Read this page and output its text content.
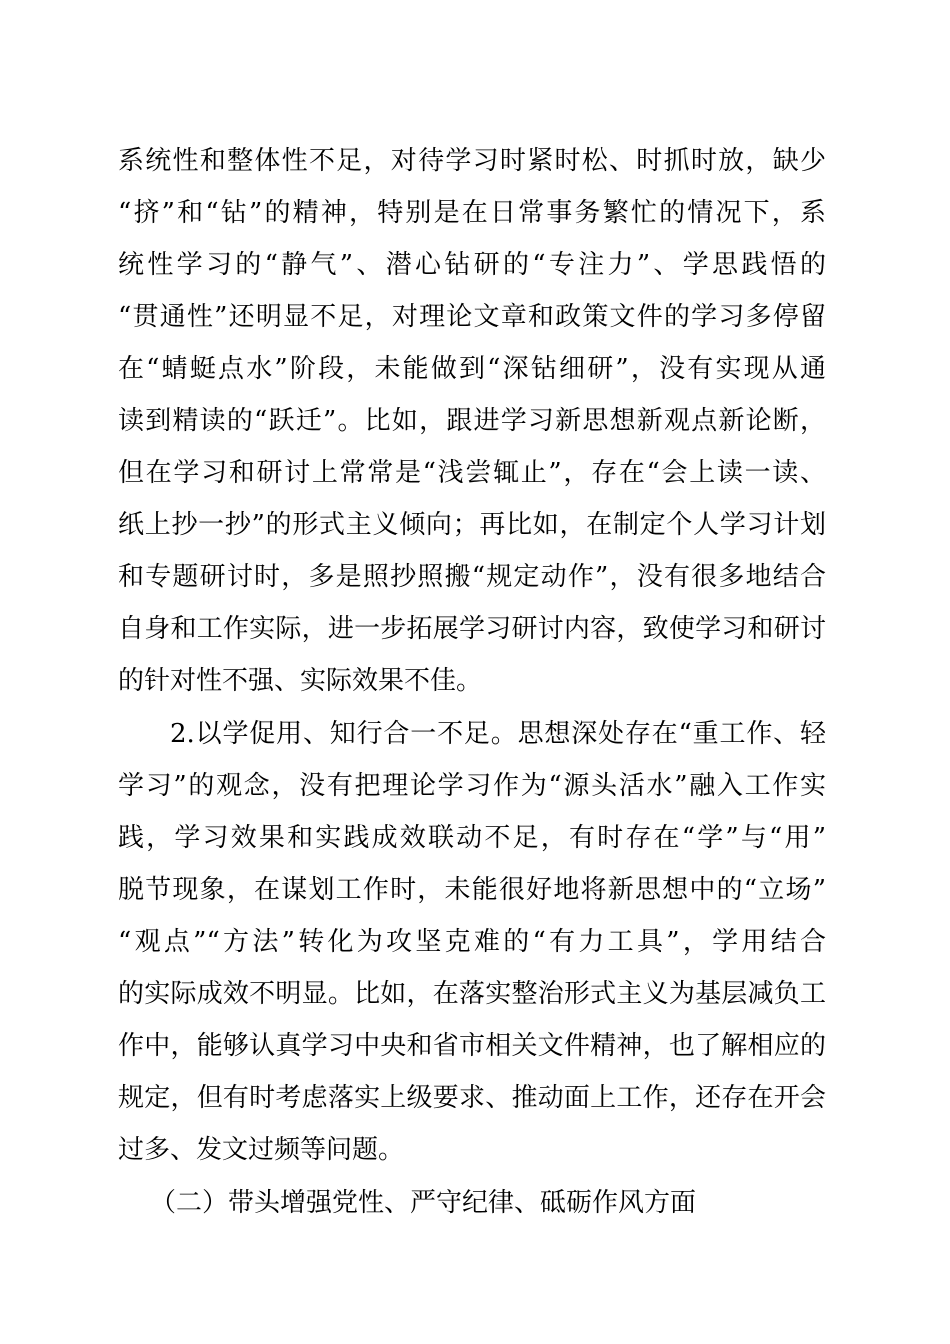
系统性和整体性不足，对待学习时紧时松、时抓时放，缺少
“挤”和“钻”的精神，特别是在日常事务繁忙的情况下，系
统性学习的“静气”、潜心钻研的“专注力”、学思践悟的
“贯通性”还明显不足，对理论文章和政策文件的学习多停留
在“蜻蜓点水”阶段，未能做到“深钻细研”，没有实现从通
读到精读的“跃迁”。比如，跟进学习新思想新观点新论断，
但在学习和研讨上常常是“浅尝辄止”，存在“会上读一读、
纸上抄一抄”的形式主义倾向；再比如，在制定个人学习计划
和专题研讨时，多是照抄照搬“规定动作”，没有很多地结合
自身和工作实际，进一步拓展学习研讨内容，致使学习和研讨
的针对性不强、实际效果不佳。
2.以学促用、知行合一不足。思想深处存在“重工作、轻
学习”的观念，没有把理论学习作为“源头活水”融入工作实
践，学习效果和实践成效联动不足，有时存在“学”与“用”
脱节现象，在谋划工作时，未能很好地将新思想中的“立场”
“观点”“方法”转化为攻坚克难的“有力工具”，学用结合
的实际成效不明显。比如，在落实整治形式主义为基层减负工
作中，能够认真学习中央和省市相关文件精神，也了解相应的
规定，但有时考虑落实上级要求、推动面上工作，还存在开会
过多、发文过频等问题。
（二）带头增强党性、严守纪律、砥砺作风方面
